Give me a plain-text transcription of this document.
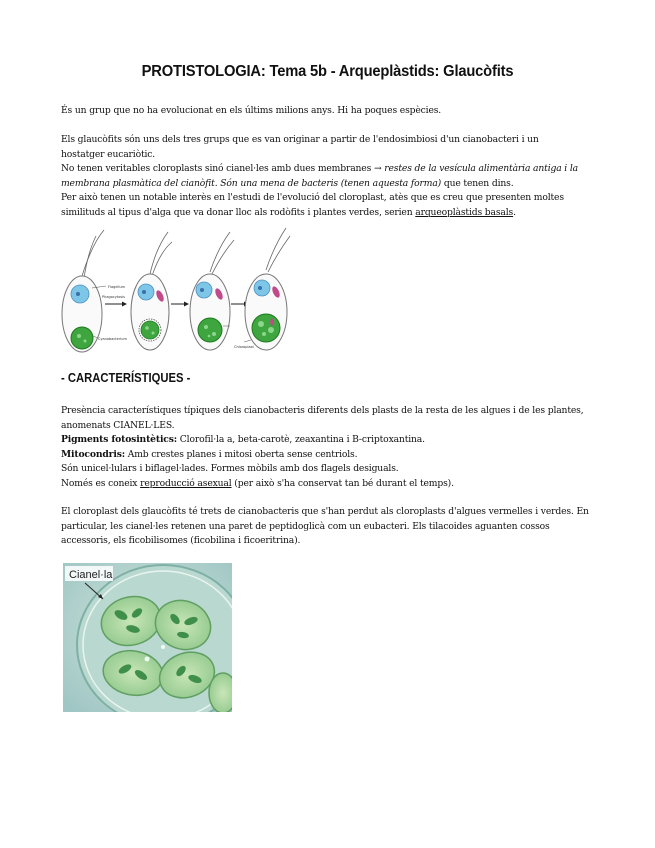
PROTISTOLOGIA: Tema 5b - Arqueplàstids: Glaucòfits
És un grup que no ha evolucionat en els últims milions anys. Hi ha poques espècies.
Els glaucòfits són uns dels tres grups que es van originar a partir de l'endosimbiosi d'un cianobacteri i un
hostatger eucariòtic.
No tenen veritables cloroplasts sinó cianel·les amb dues membranes → restes de la vesícula alimentària antiga i la
membrana plasmàtica del cianòfit. Són una mena de bacteris (tenen aquesta forma) que tenen dins.
Per això tenen un notable interès en l'estudi de l'evolució del cloroplast, atès que es creu que presenten moltes
similituds al tipus d'alga que va donar lloc als rodòfits i plantes verdes, serien arqueoplàstids basals.
Flagellum
Cyanobacterium
Phagocytosis
Chloroplast
- CARACTERÍSTIQUES -
Presència característiques típiques dels cianobacteris diferents dels plasts de la resta de les algues i de les plantes,
anomenats CIANEL·LES.
Pigments fotosintètics: Clorofil·la a, beta-carotè, zeaxantina i B-criptoxantina.
Mitocondris: Amb crestes planes i mitosi oberta sense centriols.
Són unicel·lulars i biflagel·lades. Formes mòbils amb dos flagels desiguals.
Només es coneix reproducció asexual (per això s'ha conservat tan bé durant el temps).
El cloroplast dels glaucòfits té trets de cianobacteris que s'han perdut als cloroplasts d'algues vermelles i verdes. En
particular, les cianel·les retenen una paret de peptidoglicà com un eubacteri. Els tilacoides aguanten cossos
accessoris, els ficobilisomes (ficobilina i ficoeritrina).
Cianel·la
